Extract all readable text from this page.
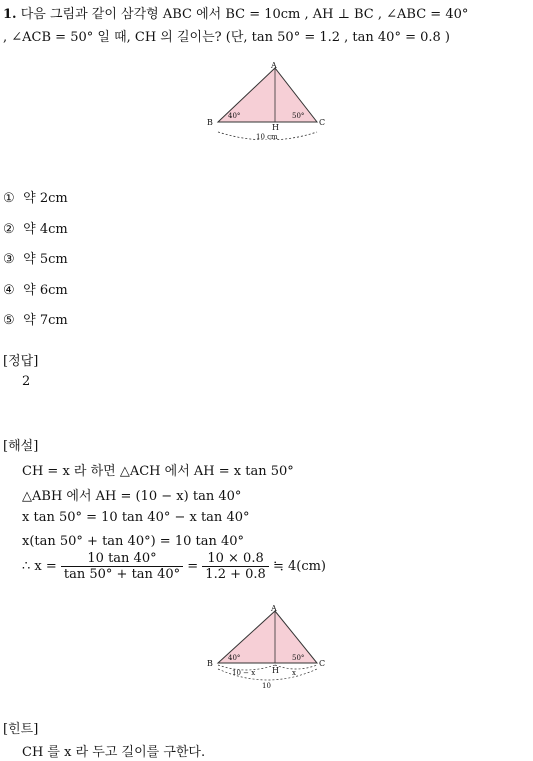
1. 다음 그림과 같이 삼각형 ABC 에서 BC = 10cm , AH ⊥ BC , ∠ABC = 40°
, ∠ACB = 50° 일 때, CH 의 길이는? (단, tan 50° = 1.2 , tan 40° = 0.8 )
A
B	C
H
40°	50°
10 cm
① 약 2cm
② 약 4cm
③ 약 5cm
④ 약 6cm
⑤ 약 7cm
[정답]
2
[해설]
CH = x 라 하면 △ACH 에서 AH = x tan 50°
△ABH 에서 AH = (10 − x) tan 40°
x tan 50° = 10 tan 40° − x tan 40°
x(tan 50° + tan 40°) = 10 tan 40°
∴ $x = \frac{10 \tan 40^\circ}{\tan 50^\circ + \tan 40^\circ} = \frac{10 \times 0.8}{1.2 + 0.8}$ ≒ 4(cm)
A
B	C
H
40°	50°
10 − x	x
10
[힌트]
CH 를 x 라 두고 길이를 구한다.
